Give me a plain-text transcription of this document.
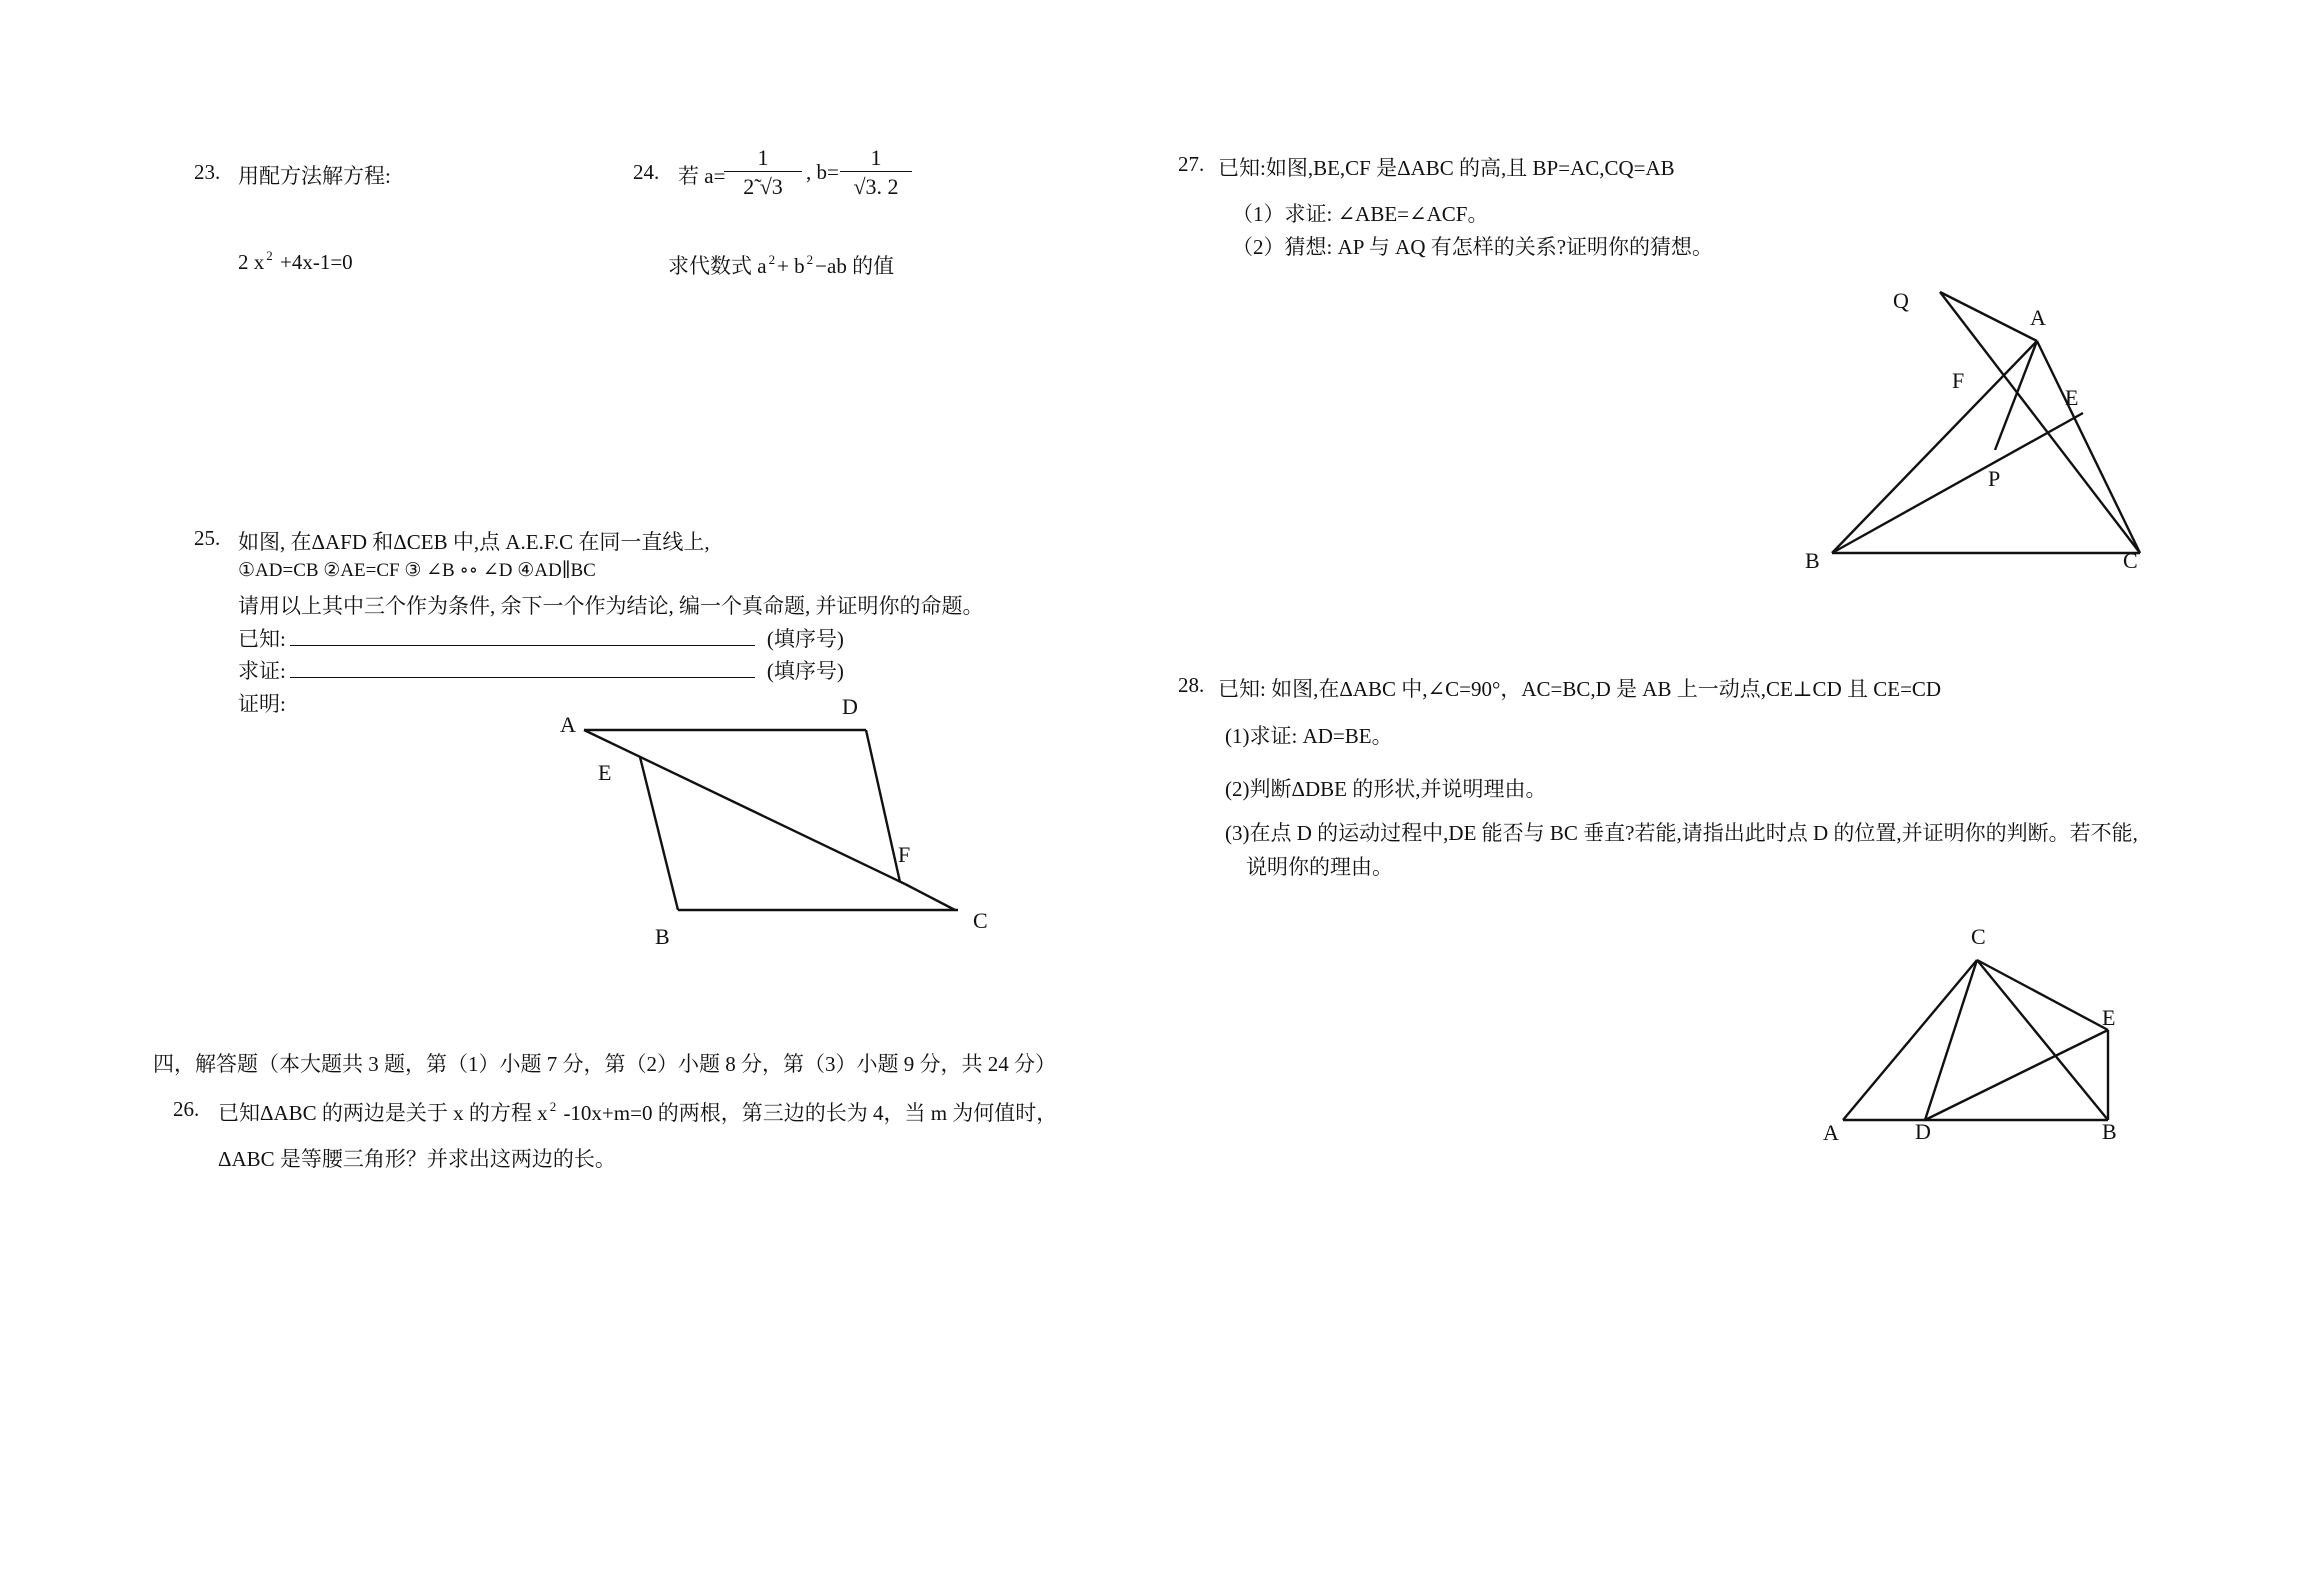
23. 用配方法解方程:
2 x $^2$ +4x-1=0
24. 若 a=
$\frac{1}{2̃ √3}$ , $b= \frac{1}{√3. 2}$
求代数式 a $^2$+ b $^2$−ab 的值
25. 如图, 在ΔAFD 和ΔCEB 中,点 A.E.F.C 在同一直线上,
①AD=CB ②AE=CF ③ ∠B ∘∘ ∠D ④AD∥BC
请用以上其中三个作为条件, 余下一个作为结论, 编一个真命题, 并证明你的命题。
已知:	(填序号)
求证:	(填序号)
证明:
四，解答题（本大题共 3 题，第（1）小题 7 分，第（2）小题 8 分，第（3）小题 9 分，共 24 分）
26. 已知ΔABC 的两边是关于 x 的方程 x $^2$ -10x+m=0 的两根，第三边的长为 4，当 m 为何值时，
ΔABC 是等腰三角形？并求出这两边的长。
27. 已知:如图,BE,CF 是ΔABC 的高,且 BP=AC,CQ=AB
（1）求证: ∠ABE=∠ACF。
（2）猜想: AP 与 AQ 有怎样的关系?证明你的猜想。
28. 已知: 如图,在ΔABC 中,∠C=90°，AC=BC,D 是 AB 上一动点,CE⊥CD 且 CE=CD
(1)求证: AD=BE。
(2)判断ΔDBE 的形状,并说明理由。
(3)在点 D 的运动过程中,DE 能否与 BC 垂直?若能,请指出此时点 D 的位置,并证明你的判断。若不能,
说明你的理由。
A
D
E
F
B
C
Q
A
F
E
P
B	C
C
E
A	D	B
